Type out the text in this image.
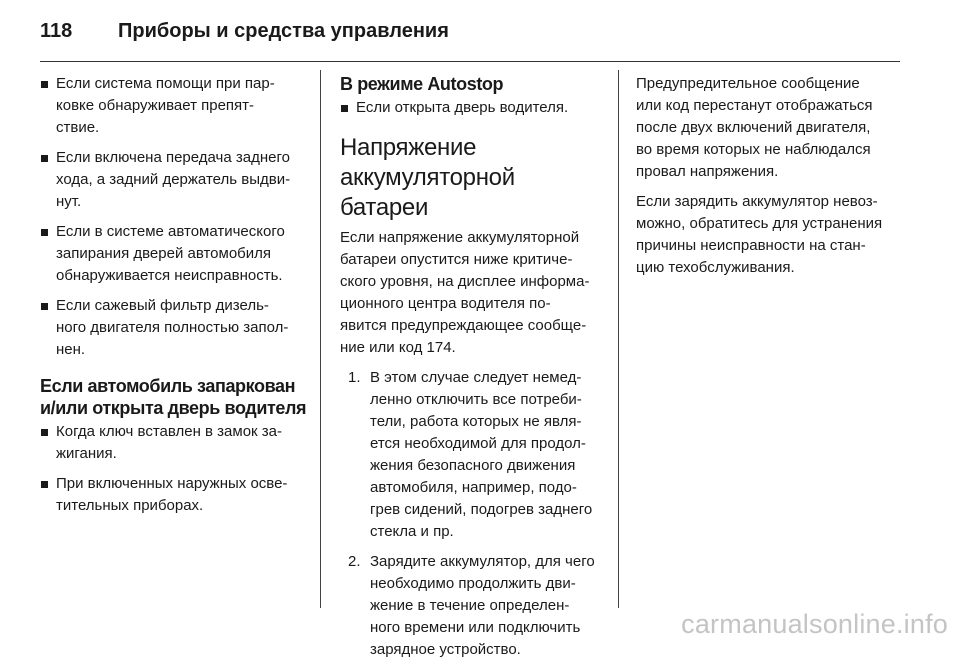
118 Приборы и средства управления
Если система помощи при пар-
ковке обнаруживает препят-
ствие.
Если включена передача заднего
хода, а задний держатель выдви-
нут.
Если в системе автоматического
запирания дверей автомобиля
обнаруживается неисправность.
Если сажевый фильтр дизель-
ного двигателя полностью запол-
нен.
Если автомобиль запаркован
и/или открыта дверь водителя
Когда ключ вставлен в замок за-
жигания.
При включенных наружных осве-
тительных приборах.
В режиме Autostop
Если открыта дверь водителя.
Напряжение
аккумуляторной батареи
Если напряжение аккумуляторной
батареи опустится ниже критиче-
ского уровня, на дисплее информа-
ционного центра водителя по-
явится предупреждающее сообще-
ние или код 174.
1. В этом случае следует немед-
ленно отключить все потреби-
тели, работа которых не явля-
ется необходимой для продол-
жения безопасного движения
автомобиля, например, подо-
грев сидений, подогрев заднего
стекла и пр.
2. Зарядите аккумулятор, для чего
необходимо продолжить дви-
жение в течение определен-
ного времени или подключить
зарядное устройство.
Предупредительное сообщение
или код перестанут отображаться
после двух включений двигателя,
во время которых не наблюдался
провал напряжения.
Если зарядить аккумулятор невоз-
можно, обратитесь для устранения
причины неисправности на стан-
цию техобслуживания.
carmanualsonline.info
